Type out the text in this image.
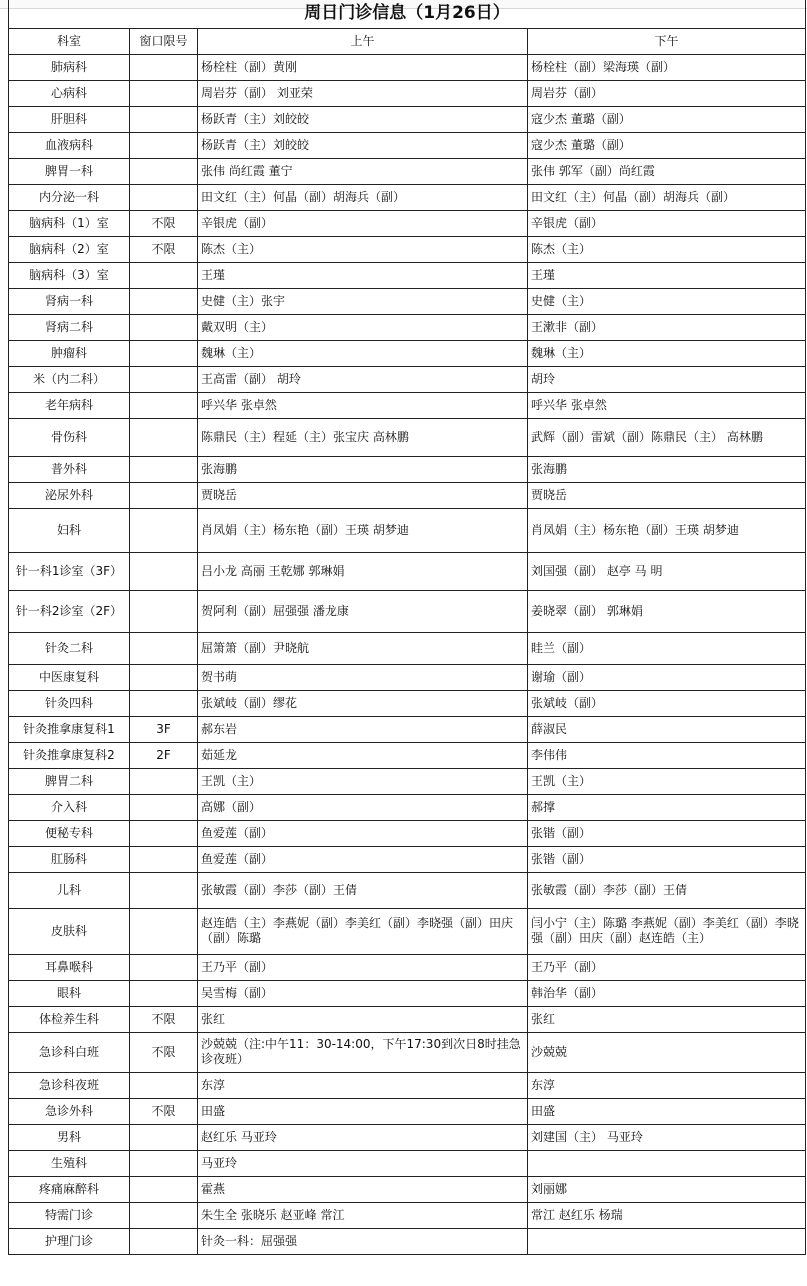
周日门诊信息（1月26日）			
科室	窗口限号	上午	下午
肺病科		杨栓柱（副）黄刚	杨栓柱（副）梁海瑛（副）
心病科		周岩芬（副） 刘亚荣	周岩芬（副）
肝胆科		杨跃青（主）刘皎皎	寇少杰 董璐（副）
血液病科		杨跃青（主）刘皎皎	寇少杰 董璐（副）
脾胃一科		张伟 尚红霞 董宁	张伟 郭军（副）尚红霞
内分泌一科		田文红（主）何晶（副）胡海兵（副）	田文红（主）何晶（副）胡海兵（副）
脑病科（1）室	不限	辛银虎（副）	辛银虎（副）
脑病科（2）室	不限	陈杰（主）	陈杰（主）
脑病科（3）室		王瑾	王瑾
肾病一科		史健（主）张宇	史健（主）
肾病二科		戴双明（主）	王漱非（副）
肿瘤科		魏琳（主）	魏琳（主）
米（内二科）		王高雷（副） 胡玲	胡玲
老年病科		呼兴华 张卓然	呼兴华 张卓然
骨伤科		陈鼎民（主）程延（主）张宝庆 高林鹏	武辉（副）雷斌（副）陈鼎民（主） 高林鹏
普外科		张海鹏	张海鹏
泌尿外科		贾晓岳	贾晓岳
妇科		肖凤娟（主）杨东艳（副）王瑛 胡梦迪	肖凤娟（主）杨东艳（副）王瑛 胡梦迪
针一科1诊室（3F）		吕小龙 高丽 王乾娜 郭琳娟	刘国强（副） 赵亭 马 明
针一科2诊室（2F）		贺阿利（副）屈强强 潘龙康	姜晓翠（副） 郭琳娟
针灸二科		屈箫箫（副）尹晓航	眭兰（副）
中医康复科		贺书萌	谢瑜（副）
针灸四科		张斌岐（副）缪花	张斌岐（副）
针灸推拿康复科1	3F	郝东岩	薛淑民
针灸推拿康复科2	2F	茹延龙	李伟伟
脾胃二科		王凯（主）	王凯（主）
介入科		高娜（副）	郝撑
便秘专科		鱼爱莲（副）	张锴（副）
肛肠科		鱼爱莲（副）	张锴（副）
儿科		张敏霞（副）李莎（副）王倩	张敏霞（副）李莎（副）王倩
皮肤科		赵连皓（主）李燕妮（副）李美红（副）李晓强（副）田庆（副）陈璐	闫小宁（主）陈璐 李燕妮（副）李美红（副）李晓强（副）田庆（副）赵连皓（主）
耳鼻喉科		王乃平（副）	王乃平（副）
眼科		吴雪梅（副）	韩治华（副）
体检养生科	不限	张红	张红
急诊科白班	不限	沙兢兢（注:中午11：30-14:00，下午17:30到次日8时挂急诊夜班）	沙兢兢
急诊科夜班		东淳	东淳
急诊外科	不限	田盛	田盛
男科		赵红乐 马亚玲	刘建国（主） 马亚玲
生殖科		马亚玲	
疼痛麻醉科		霍燕	刘丽娜
特需门诊		朱生全 张晓乐 赵亚峰 常江	常江 赵红乐 杨瑞
护理门诊		针灸一科：屈强强	
